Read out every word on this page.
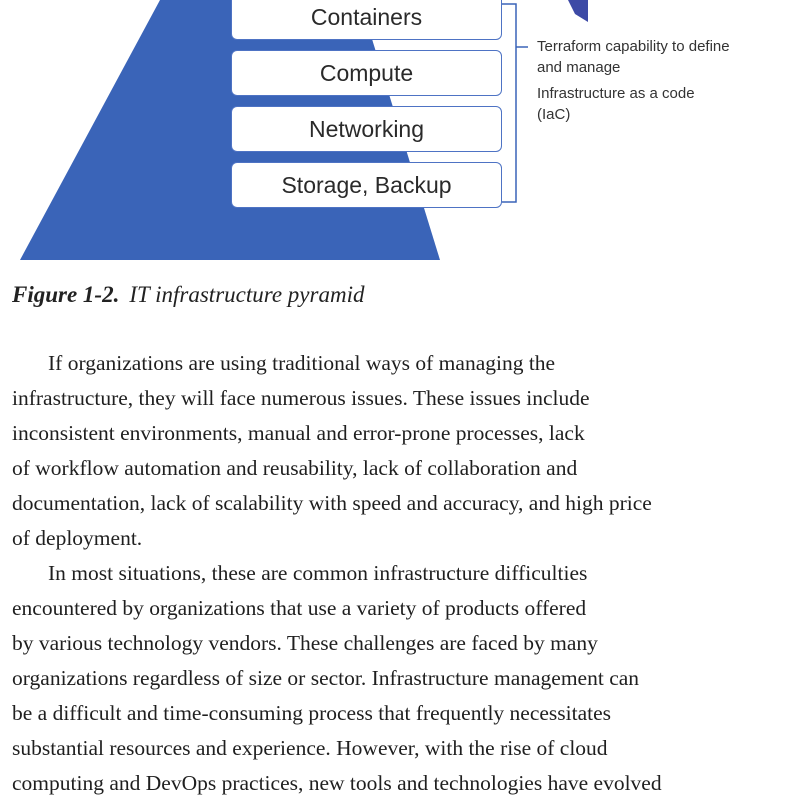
Containers
Compute
Networking
Storage, Backup
Terraform capability to define
and manage
Infrastructure as a code
(IaC)
Figure 1-2. IT infrastructure pyramid

If organizations are using traditional ways of managing the
infrastructure, they will face numerous issues. These issues include
inconsistent environments, manual and error-prone processes, lack
of workflow automation and reusability, lack of collaboration and
documentation, lack of scalability with speed and accuracy, and high price
of deployment.

In most situations, these are common infrastructure difficulties
encountered by organizations that use a variety of products offered
by various technology vendors. These challenges are faced by many
organizations regardless of size or sector. Infrastructure management can
be a difficult and time-consuming process that frequently necessitates
substantial resources and experience. However, with the rise of cloud
computing and DevOps practices, new tools and technologies have evolved
